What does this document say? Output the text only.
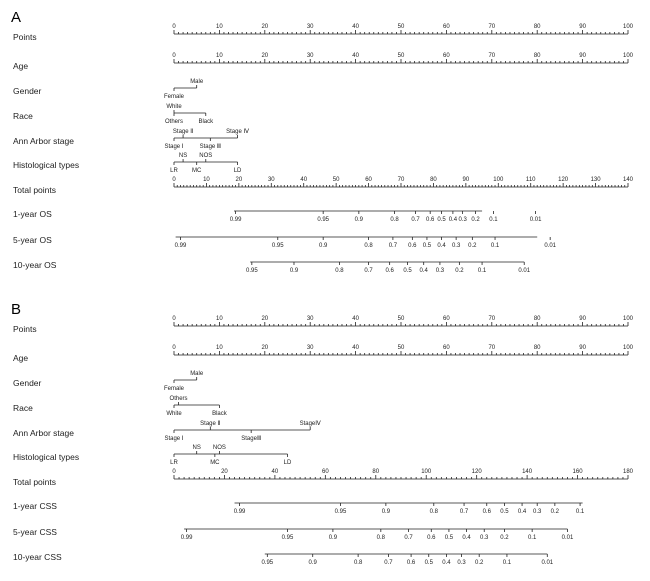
A
Points
0	10	20	30	40	50	60	70	80	90	100
Age
0	10	20	30	40	50	60	70	80	90	100
Gender
Male
Female
Race
White
Black
Others
Ann Arbor stage
Stage Ⅱ	Stage Ⅳ
Stage Ⅰ	Stage Ⅲ
Histological types
NS NOS
LR MC	LD
Total points
0	10	20	30	40	50	60	70	80	90	100	110	120	130	140
1-year OS
0.99	0.95	0.9	0.8 0.7 0.6 0.5 0.4 0.3 0.2 0.1	0.01
5-year OS
0.99	0.95	0.9	0.8	0.7 0.6 0.5 0.4 0.3 0.2 0.1	0.01
10-year OS
0.95	0.9	0.8	0.7 0.6 0.5 0.4 0.3 0.2 0.1	0.01
B
Points
0	10	20	30	40	50	60	70	80	90	100
Age
0	10	20	30	40	50	60	70	80	90	100
Gender
Male
Female
Race
Others
White	Black
Ann Arbor stage
Stage Ⅱ	StageⅣ
Stage Ⅰ	StageⅢ
Histological types
NS NOS
LR	MC	LD
Total points
0	20	40	60	80	100	120	140	160	180
1-year CSS
0.99	0.95	0.9	0.8	0.7 0.6 0.5 0.4 0.3 0.2	0.1
5-year CSS
0.99	0.95	0.9	0.8	0.7 0.6 0.5 0.4 0.3 0.2	0.1	0.01
10-year CSS
0.95	0.9	0.8	0.7 0.6 0.5 0.4 0.3 0.2	0.1	0.01
